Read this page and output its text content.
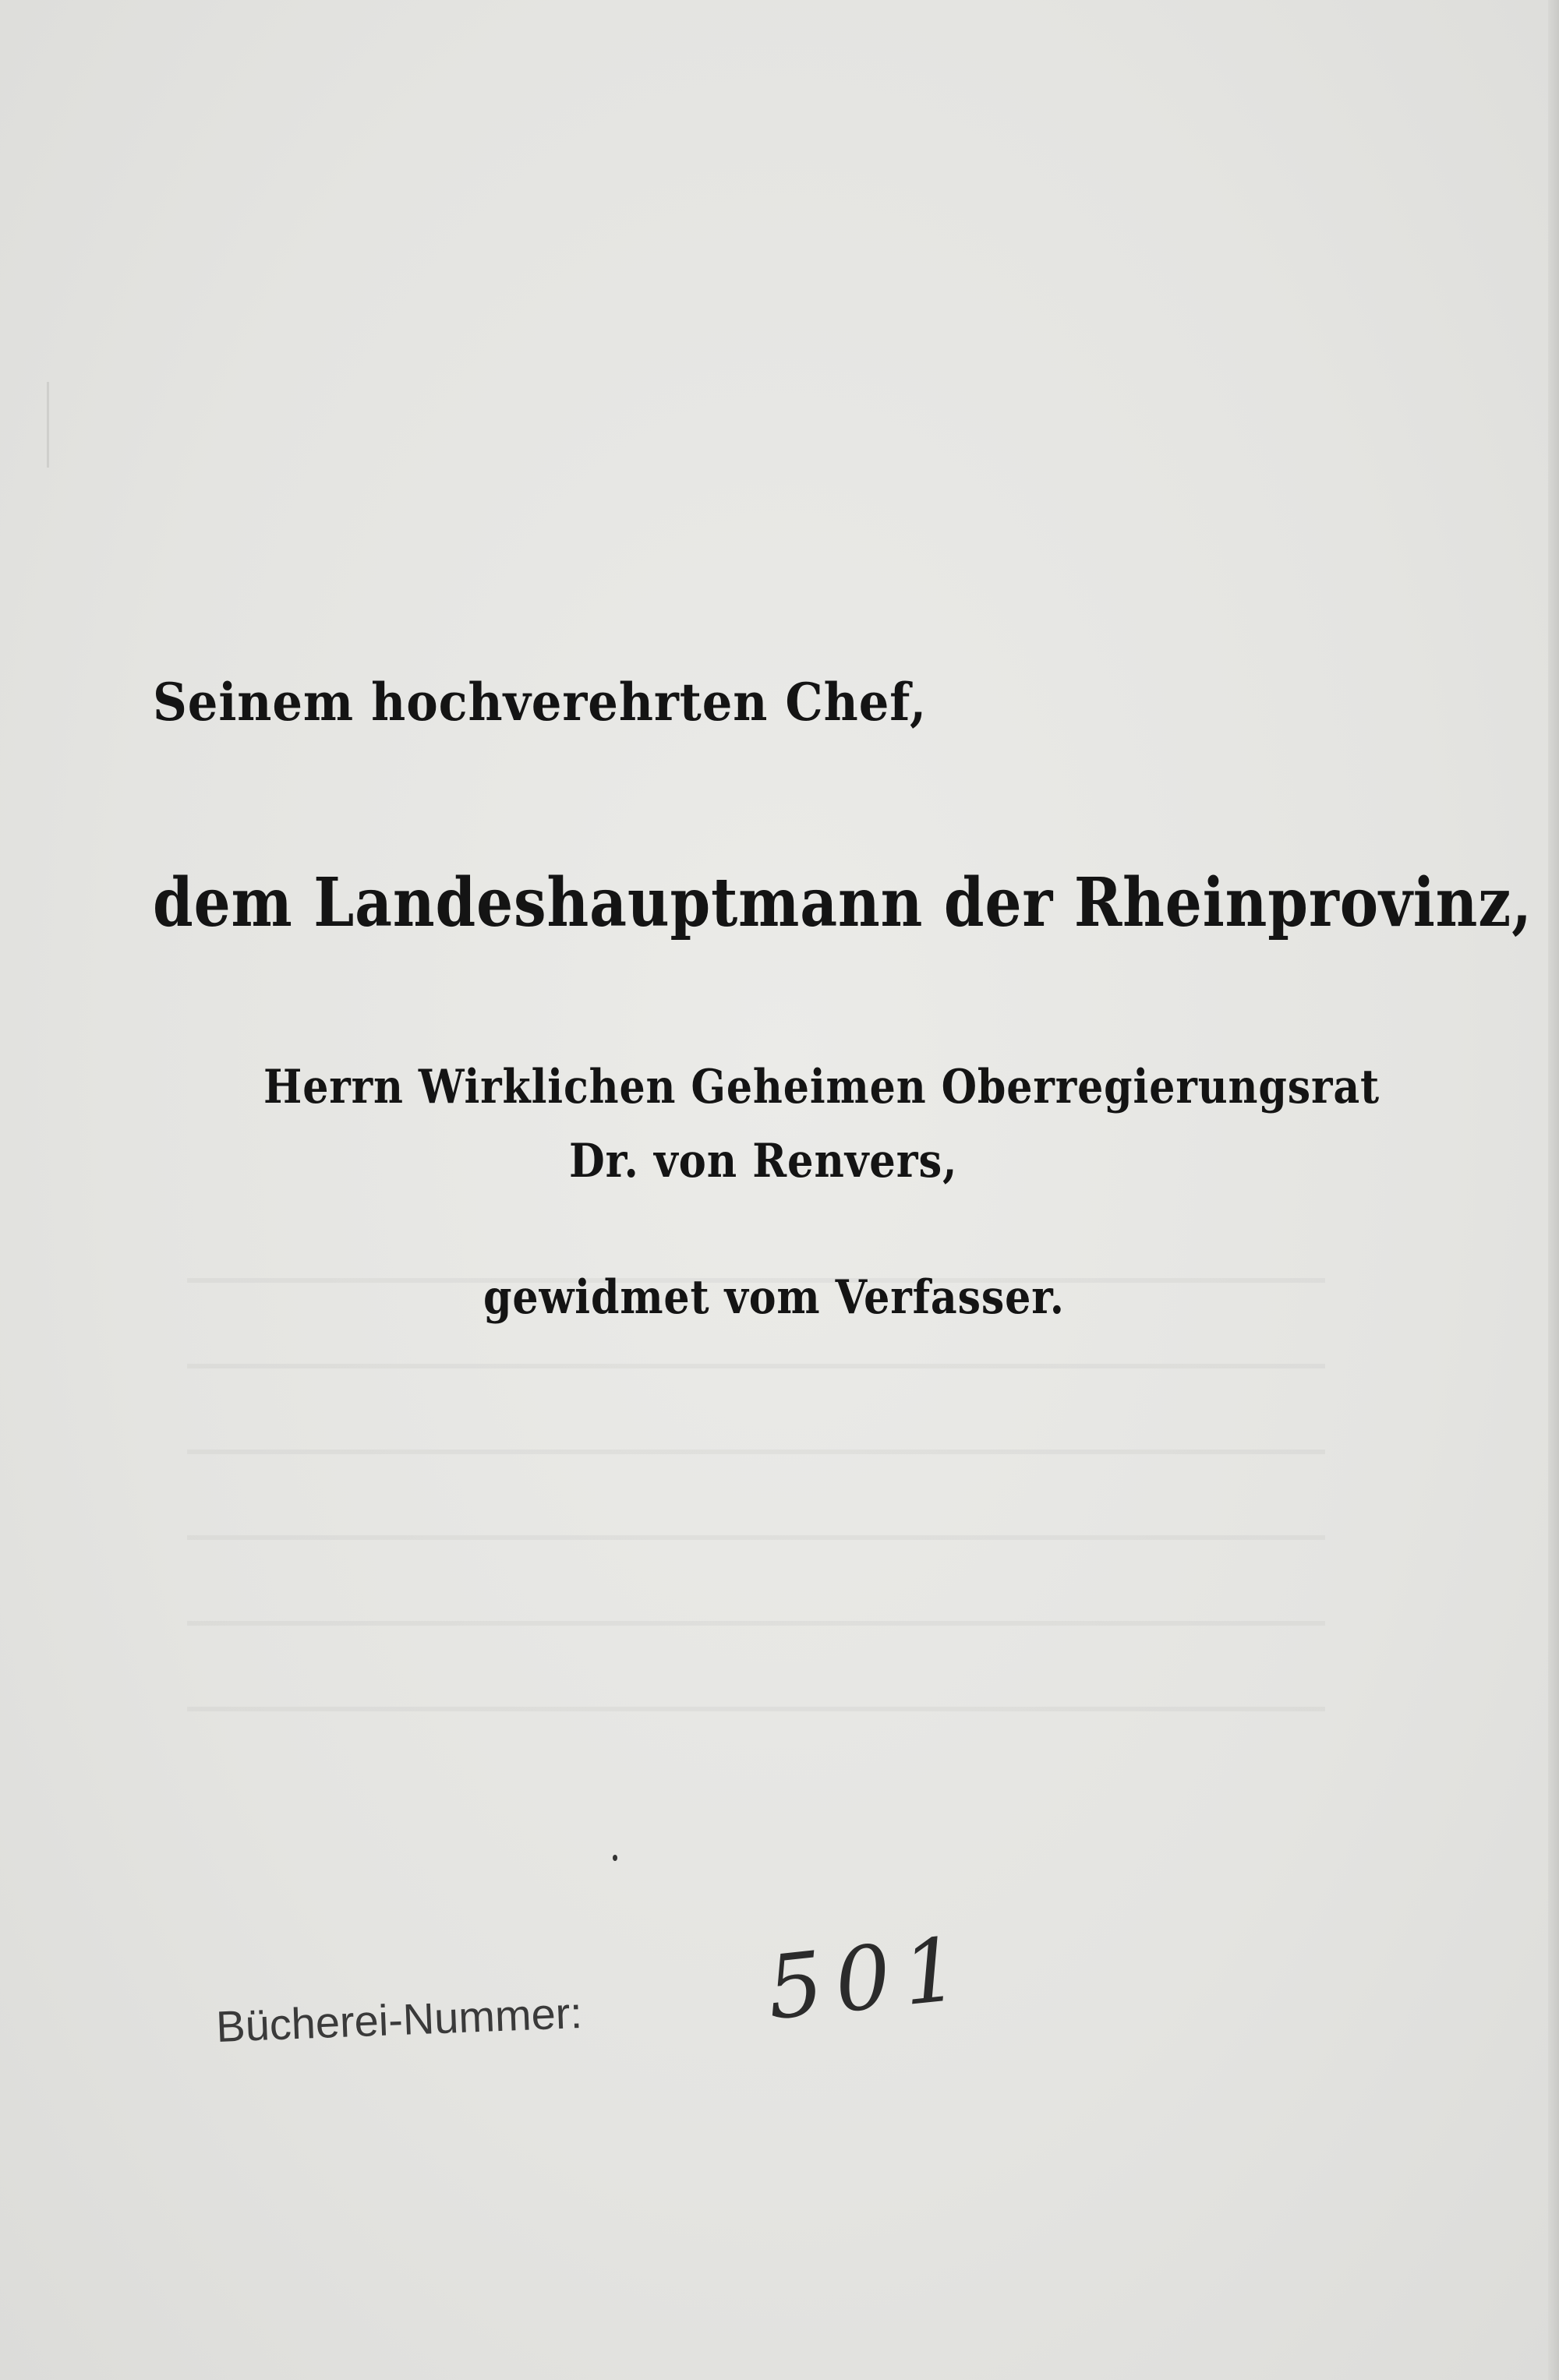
Seinem hochverehrten Chef,
dem Landeshauptmann der Rheinprovinz,
Herrn Wirklichen Geheimen Oberregierungsrat
Dr. von Renvers,
gewidmet vom Verfasser.
Bücherei-Nummer: 501
